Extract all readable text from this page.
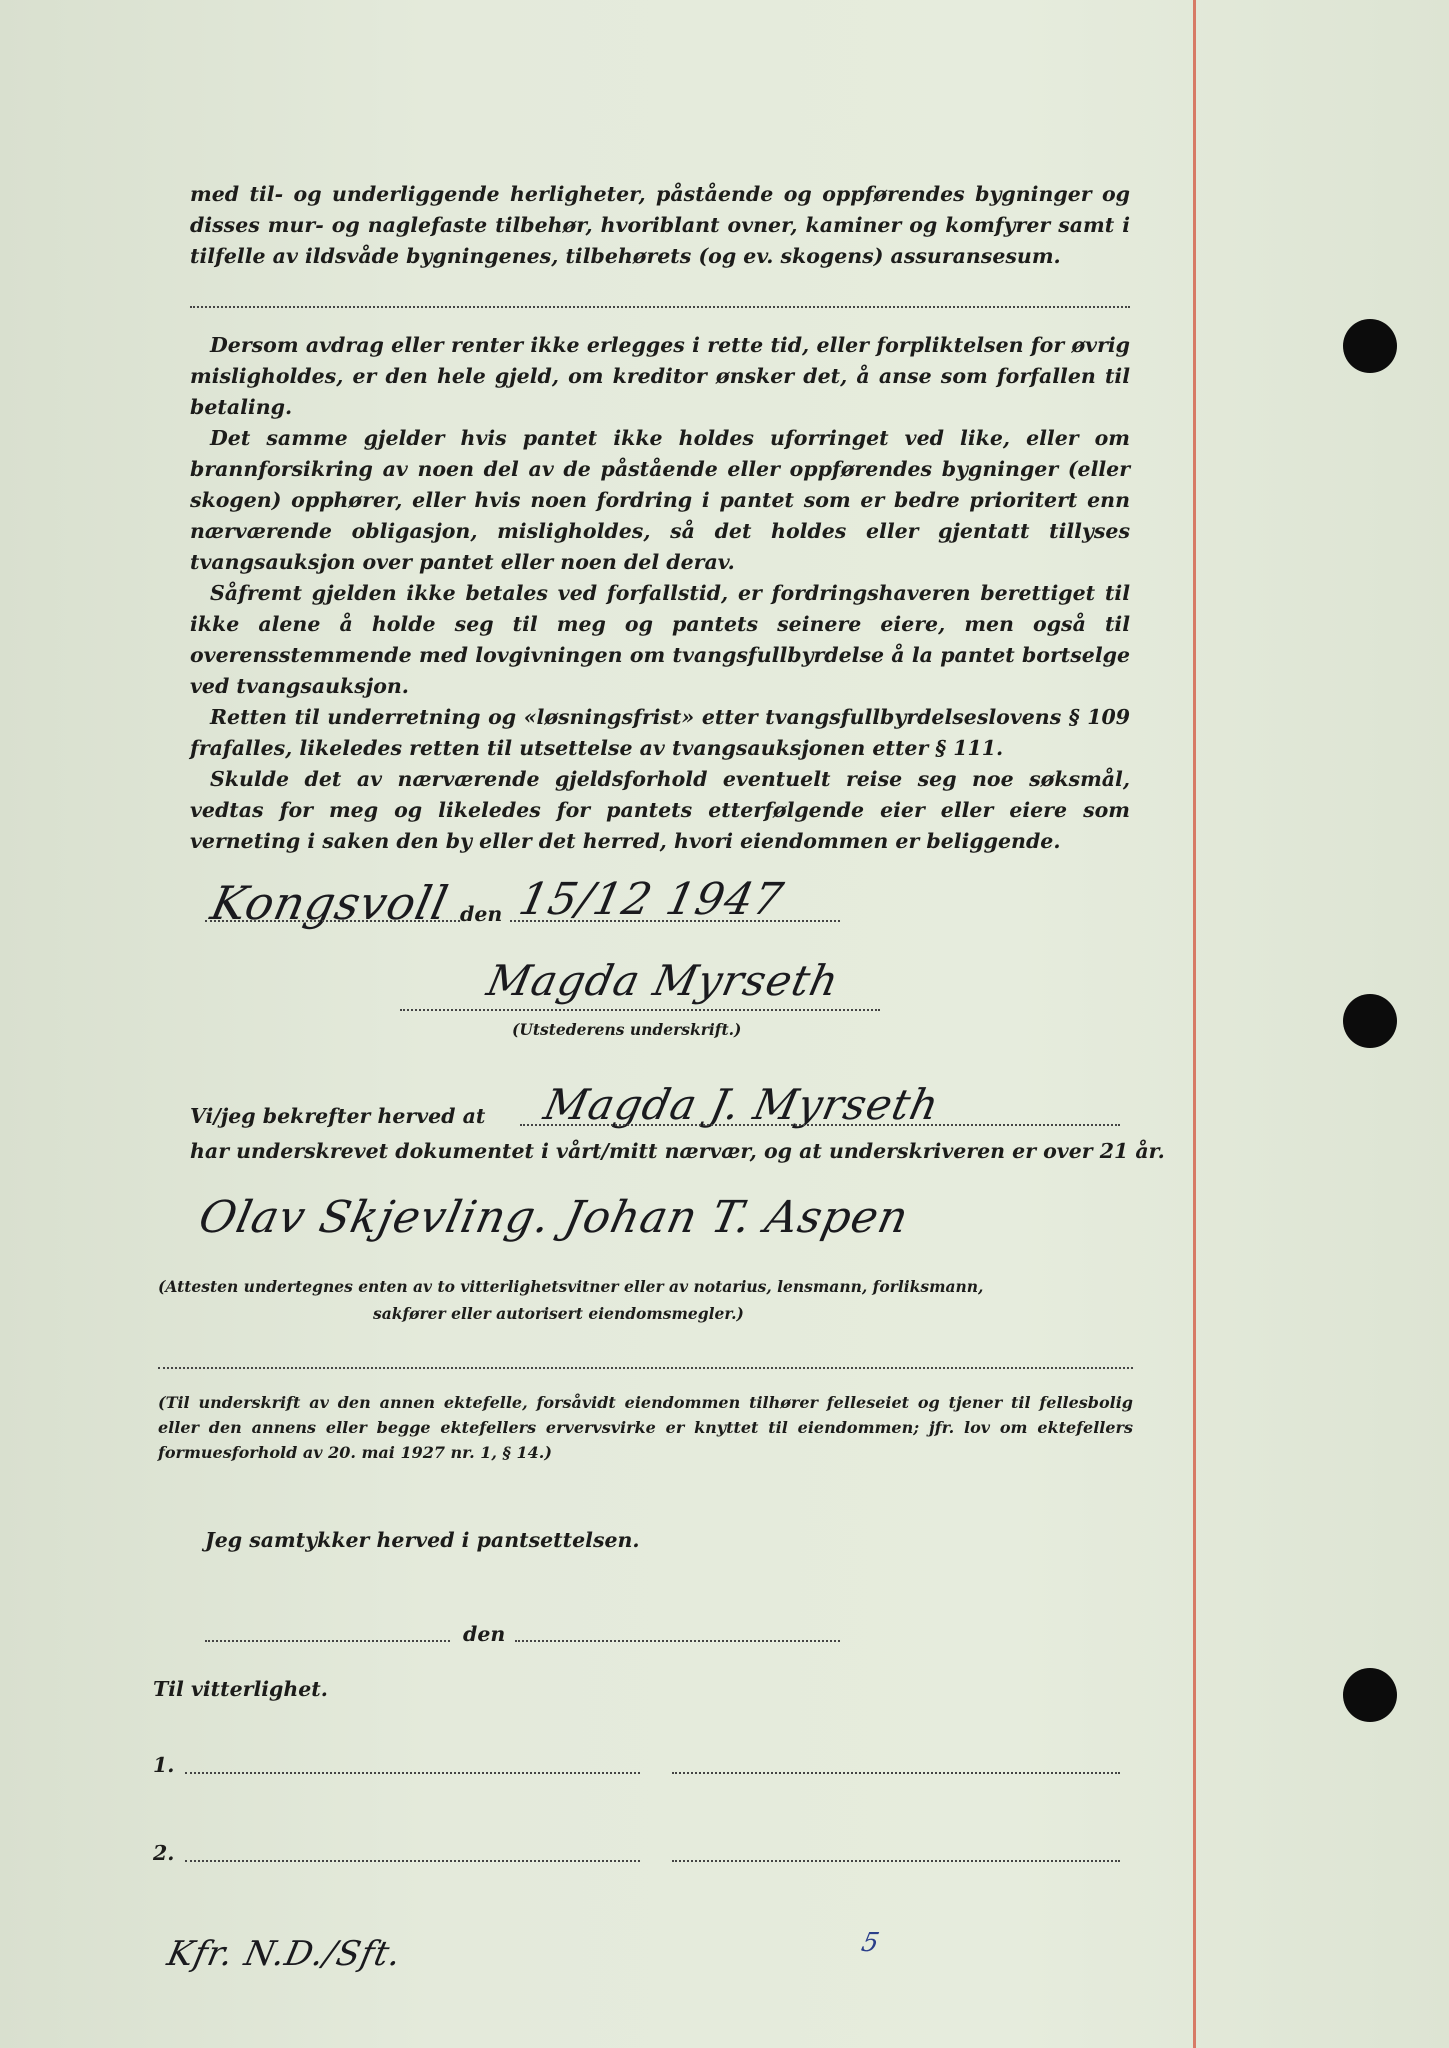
med til- og underliggende herligheter, påstående og oppførendes bygninger og disses mur- og naglefaste tilbehør, hvoriblant ovner, kaminer og komfyrer samt i tilfelle av ildsvåde bygningenes, tilbehørets (og ev. skogens) assuransesum.

Dersom avdrag eller renter ikke erlegges i rette tid, eller forpliktelsen for øvrig misligholdes, er den hele gjeld, om kreditor ønsker det, å anse som forfallen til betaling.

Det samme gjelder hvis pantet ikke holdes uforringet ved like, eller om brannforsikring av noen del av de påstående eller oppførendes bygninger (eller skogen) opphører, eller hvis noen fordring i pantet som er bedre prioritert enn nærværende obligasjon, misligholdes, så det holdes eller gjentatt tillyses tvangsauksjon over pantet eller noen del derav.

Såfremt gjelden ikke betales ved forfallstid, er fordringshaveren berettiget til ikke alene å holde seg til meg og pantets seinere eiere, men også til overensstemmende med lovgivningen om tvangsfullbyrdelse å la pantet bortselge ved tvangsauksjon.

Retten til underretning og «løsningsfrist» etter tvangsfullbyrdelseslovens § 109 frafalles, likeledes retten til utsettelse av tvangsauksjonen etter § 111.

Skulde det av nærværende gjeldsforhold eventuelt reise seg noe søksmål, vedtas for meg og likeledes for pantets etterfølgende eier eller eiere som verneting i saken den by eller det herred, hvori eiendommen er beliggende.

Kongsvoll den 15/12 1947
Magda Myrseth
(Utstederens underskrift.)
Vi/jeg bekrefter herved at Magda J. Myrseth
har underskrevet dokumentet i vårt/mitt nærvær, og at underskriveren er over 21 år.
Olav Skjevling. Johan T. Aspen
(Attesten undertegnes enten av to vitterlighetsvitner eller av notarius, lensmann, forliksmann,
sakfører eller autorisert eiendomsmegler.)

(Til underskrift av den annen ektefelle, forsåvidt eiendommen tilhører felleseiet og tjener til fellesbolig eller den annens eller begge ektefellers ervervsvirke er knyttet til eiendommen; jfr. lov om ektefellers formuesforhold av 20. mai 1927 nr. 1, § 14.)

Jeg samtykker herved i pantsettelsen.
den
Til vitterlighet.
1.
2.
Kfr. N.D./Sft.	5
